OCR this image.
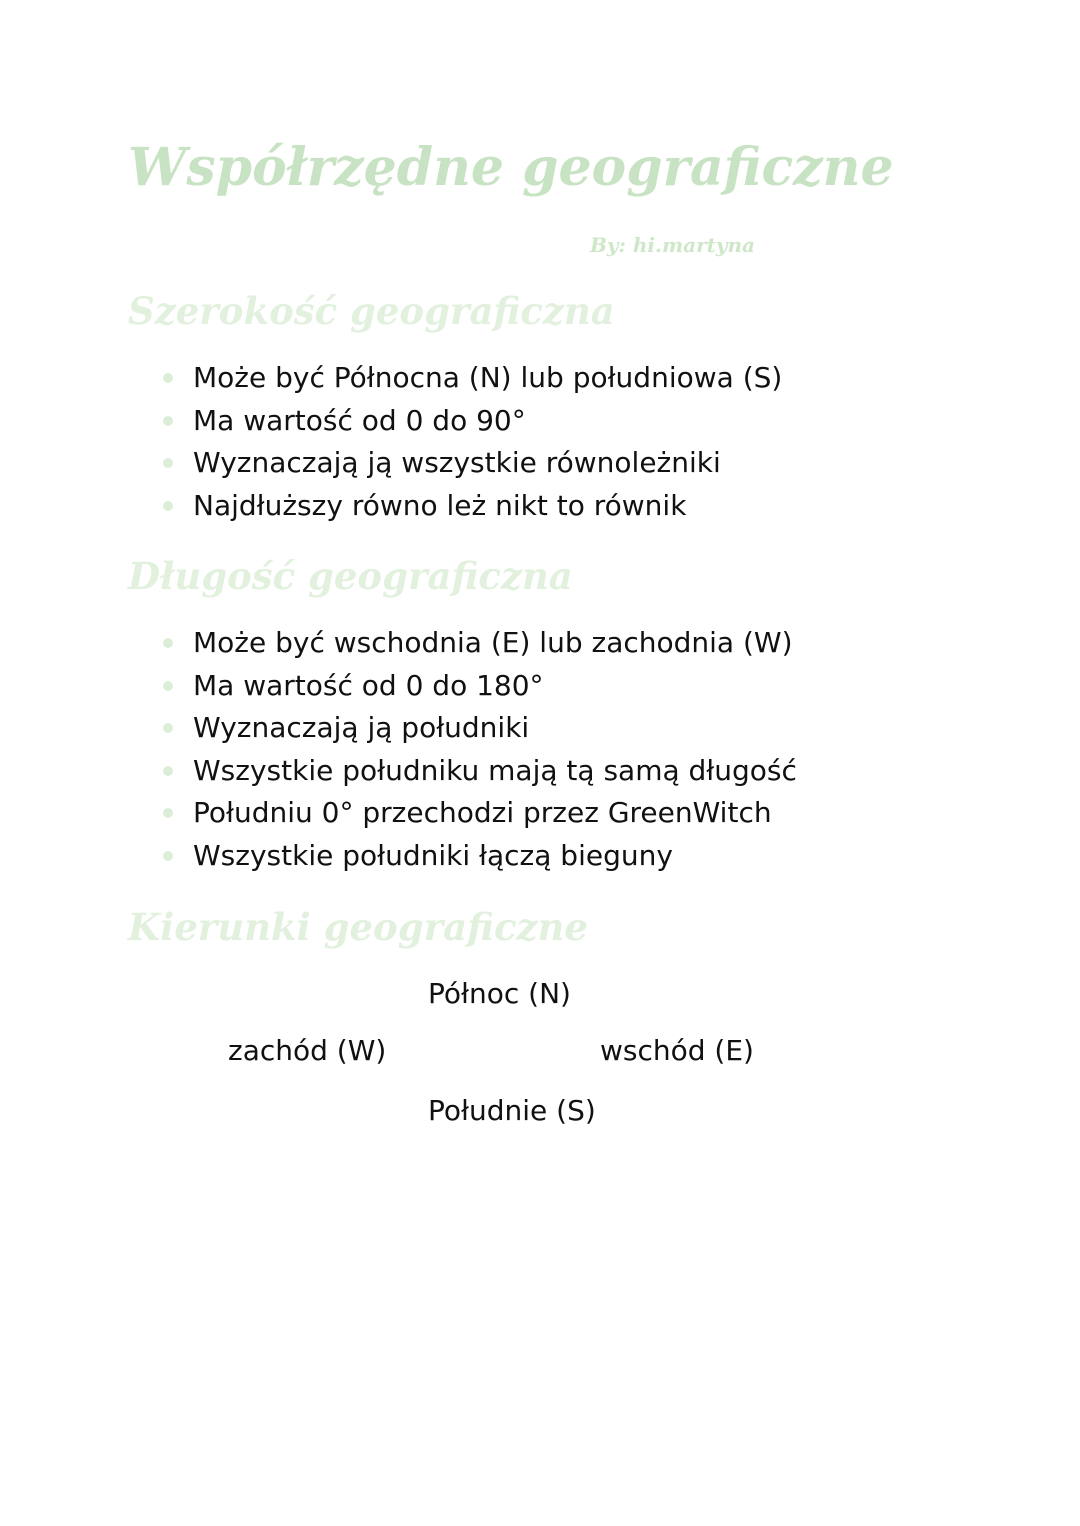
Współrzędne geograficzne
By: hi.martyna
Szerokość geograficzna
Może być Północna (N) lub południowa (S)
Ma wartość od 0 do 90°
Wyznaczają ją wszystkie równoleżniki
Najdłuższy równo leż nikt to równik
Długość geograficzna
Może być wschodnia (E) lub zachodnia (W)
Ma wartość od 0 do 180°
Wyznaczają ją południki
Wszystkie południku mają tą samą długość
Południu 0° przechodzi przez GreenWitch
Wszystkie południki łączą bieguny
Kierunki geograficzne
Północ (N)
zachód (W)	wschód (E)
Południe (S)
